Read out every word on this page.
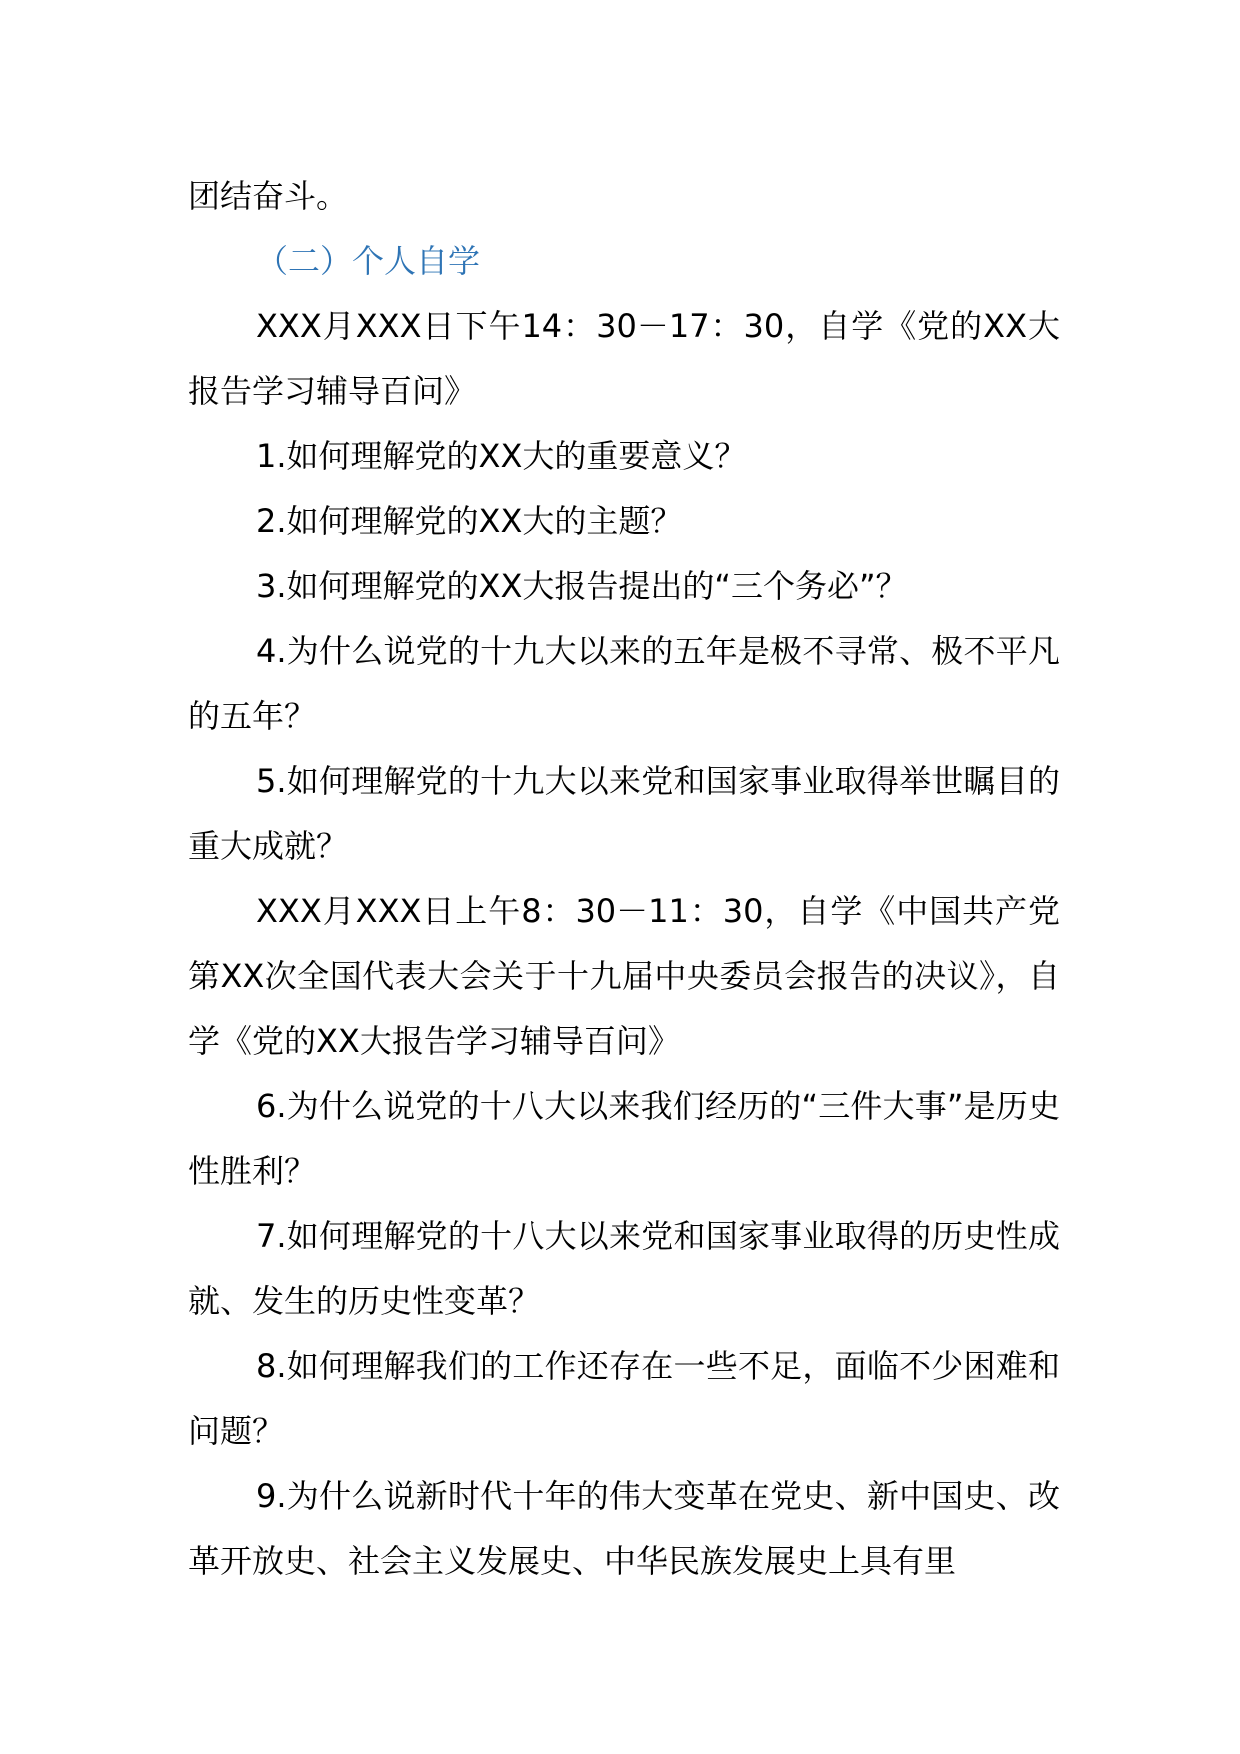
团结奋斗。

（二）个人自学

XXX月XXX日下午14：30－17：30，自学《党的XX大报告学习辅导百问》

1.如何理解党的XX大的重要意义？

2.如何理解党的XX大的主题？

3.如何理解党的XX大报告提出的“三个务必”？

4.为什么说党的十九大以来的五年是极不寻常、极不平凡的五年？

5.如何理解党的十九大以来党和国家事业取得举世瞩目的重大成就？

XXX月XXX日上午8：30－11：30，自学《中国共产党第XX次全国代表大会关于十九届中央委员会报告的决议》，自学《党的XX大报告学习辅导百问》

6.为什么说党的十八大以来我们经历的“三件大事”是历史性胜利？

7.如何理解党的十八大以来党和国家事业取得的历史性成就、发生的历史性变革？

8.如何理解我们的工作还存在一些不足，面临不少困难和问题？

9.为什么说新时代十年的伟大变革在党史、新中国史、改革开放史、社会主义发展史、中华民族发展史上具有里
